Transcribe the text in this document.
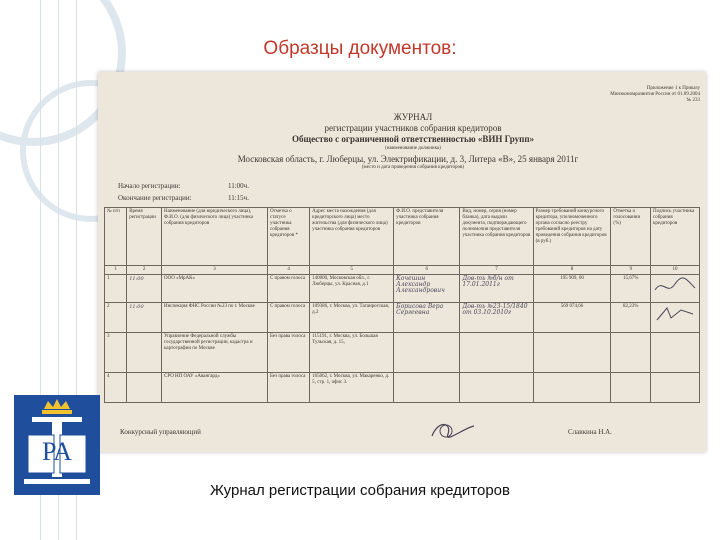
Образцы документов:
Приложение 1 к Приказу Минэкономразвития России от 01.09.2004 № 233
ЖУРНАЛ
регистрации участников собрания кредиторов
Общество с ограниченной ответственностью «ВИН Групп»
(наименование должника)
Московская область, г. Люберцы, ул. Электрификации, д. 3, Литера «В», 25 января 2011г
(место и дата проведения собрания кредиторов)
Начало регистрации:	11:00ч.
Окончание регистрации:	11:15ч.
№ п/п	Время регистрации	Наименование (для юридического лица), Ф.И.О. (для физического лица) участника собрания кредиторов	Отметка о статусе участника собрания кредиторов *	Адрес места нахождения (для кредиторского лица) место жительства (для физического лица) участника собрания кредиторов	Ф.И.О. представителя участника собрания кредиторов	Вид, номер, серия (номер бланка), дата выдачи документа, подтверждающего полномочия представителя участника собрания кредиторов	Размер требований конкурсного кредитора, уполномоченного органа согласно реестру требований кредиторов на дату проведения собрания кредиторов (в руб.)	Отметка о голосовании (%)	Подпись участника собрания кредиторов
1	2	3	4	5	6	7	8	9	10
1	11:00	ООО «МрАК»	С правом голоса	140000, Московская обл., г. Люберцы, ул. Красная, д.1	Кочешин Александр Александрович	Дов-ть №б/н от 17.01.2011г	195 909, 00	15,67%	
2	11:00	Инспекция ФНС России №23 по г. Москве	С правом голоса	109386, г. Москва, ул. Таганрогская, д.2	Борисова Вера Сергеевна	Дов-ть №23-15/1840 от 03.10.2010г	569 074,66	82,23%	
3		Управление Федеральной службы государственной регистрации, кадастра и картографии по Москве	Без права голоса	115191, г. Москва, ул. Большая Тульская, д. 15,					
4		СРО НП ОАУ «Авангард»	Без права голоса	105062, г. Москва, ул. Макаренко, д. 5, стр. 1, офис 3.					
Конкурсный управляющий	Славкина Н.А.
РА
Журнал регистрации собрания кредиторов
